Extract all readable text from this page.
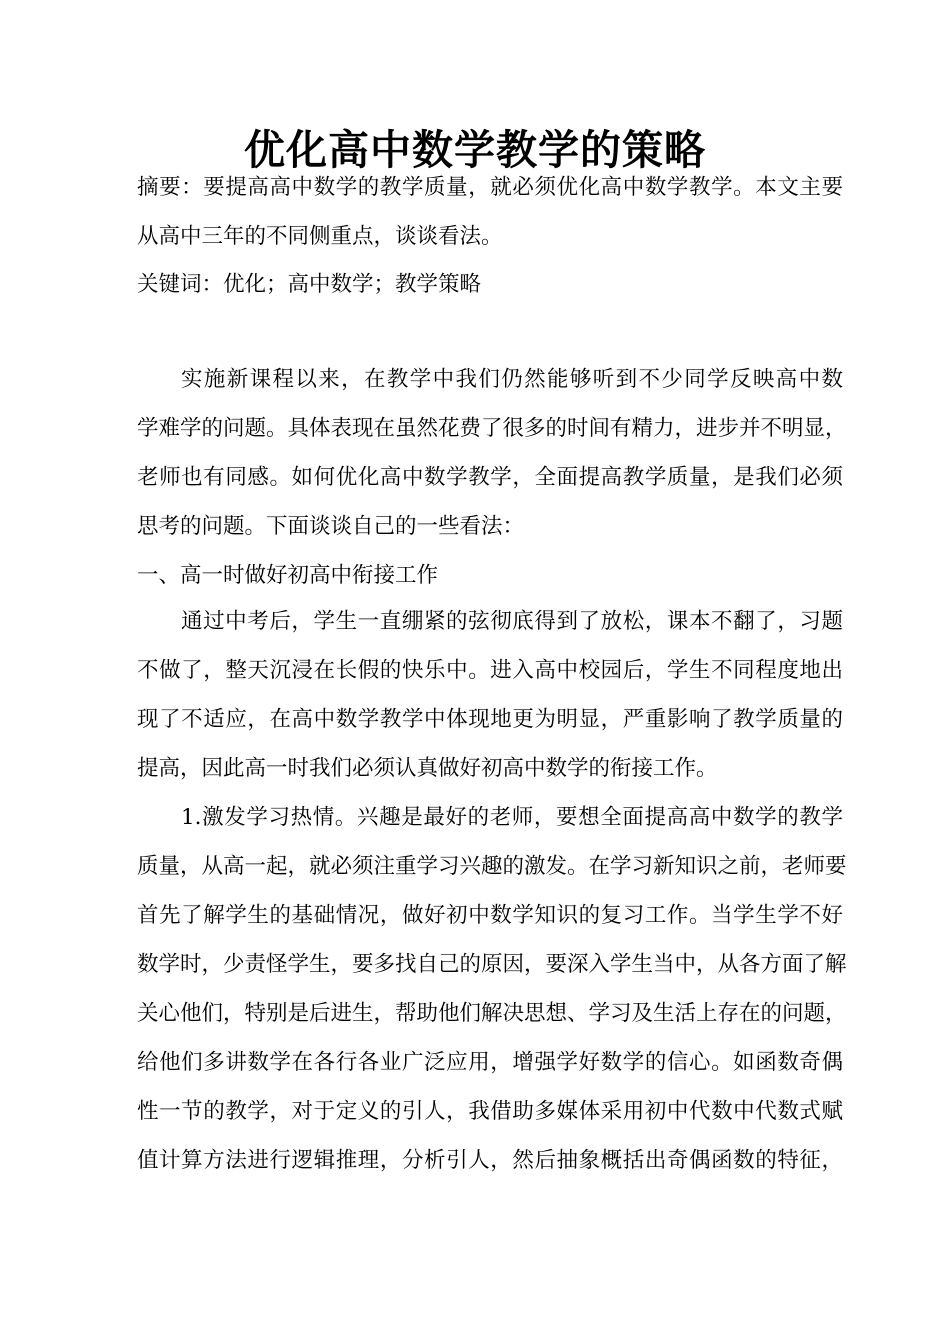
优化高中数学教学的策略
摘要：要提高高中数学的教学质量，就必须优化高中数学教学。本文主要
从高中三年的不同侧重点，谈谈看法。
关键词：优化；高中数学；教学策略
实施新课程以来，在教学中我们仍然能够听到不少同学反映高中数
学难学的问题。具体表现在虽然花费了很多的时间有精力，进步并不明显，
老师也有同感。如何优化高中数学教学，全面提高教学质量，是我们必须
思考的问题。下面谈谈自己的一些看法：
一、高一时做好初高中衔接工作
通过中考后，学生一直绷紧的弦彻底得到了放松，课本不翻了，习题
不做了，整天沉浸在长假的快乐中。进入高中校园后，学生不同程度地出
现了不适应，在高中数学教学中体现地更为明显，严重影响了教学质量的
提高，因此高一时我们必须认真做好初高中数学的衔接工作。
1.激发学习热情。兴趣是最好的老师，要想全面提高高中数学的教学
质量，从高一起，就必须注重学习兴趣的激发。在学习新知识之前，老师要
首先了解学生的基础情况，做好初中数学知识的复习工作。当学生学不好
数学时，少责怪学生，要多找自己的原因，要深入学生当中，从各方面了解
关心他们，特别是后进生，帮助他们解决思想、学习及生活上存在的问题，
给他们多讲数学在各行各业广泛应用，增强学好数学的信心。如函数奇偶
性一节的教学，对于定义的引人，我借助多媒体采用初中代数中代数式赋
值计算方法进行逻辑推理，分析引人，然后抽象概括出奇偶函数的特征，
